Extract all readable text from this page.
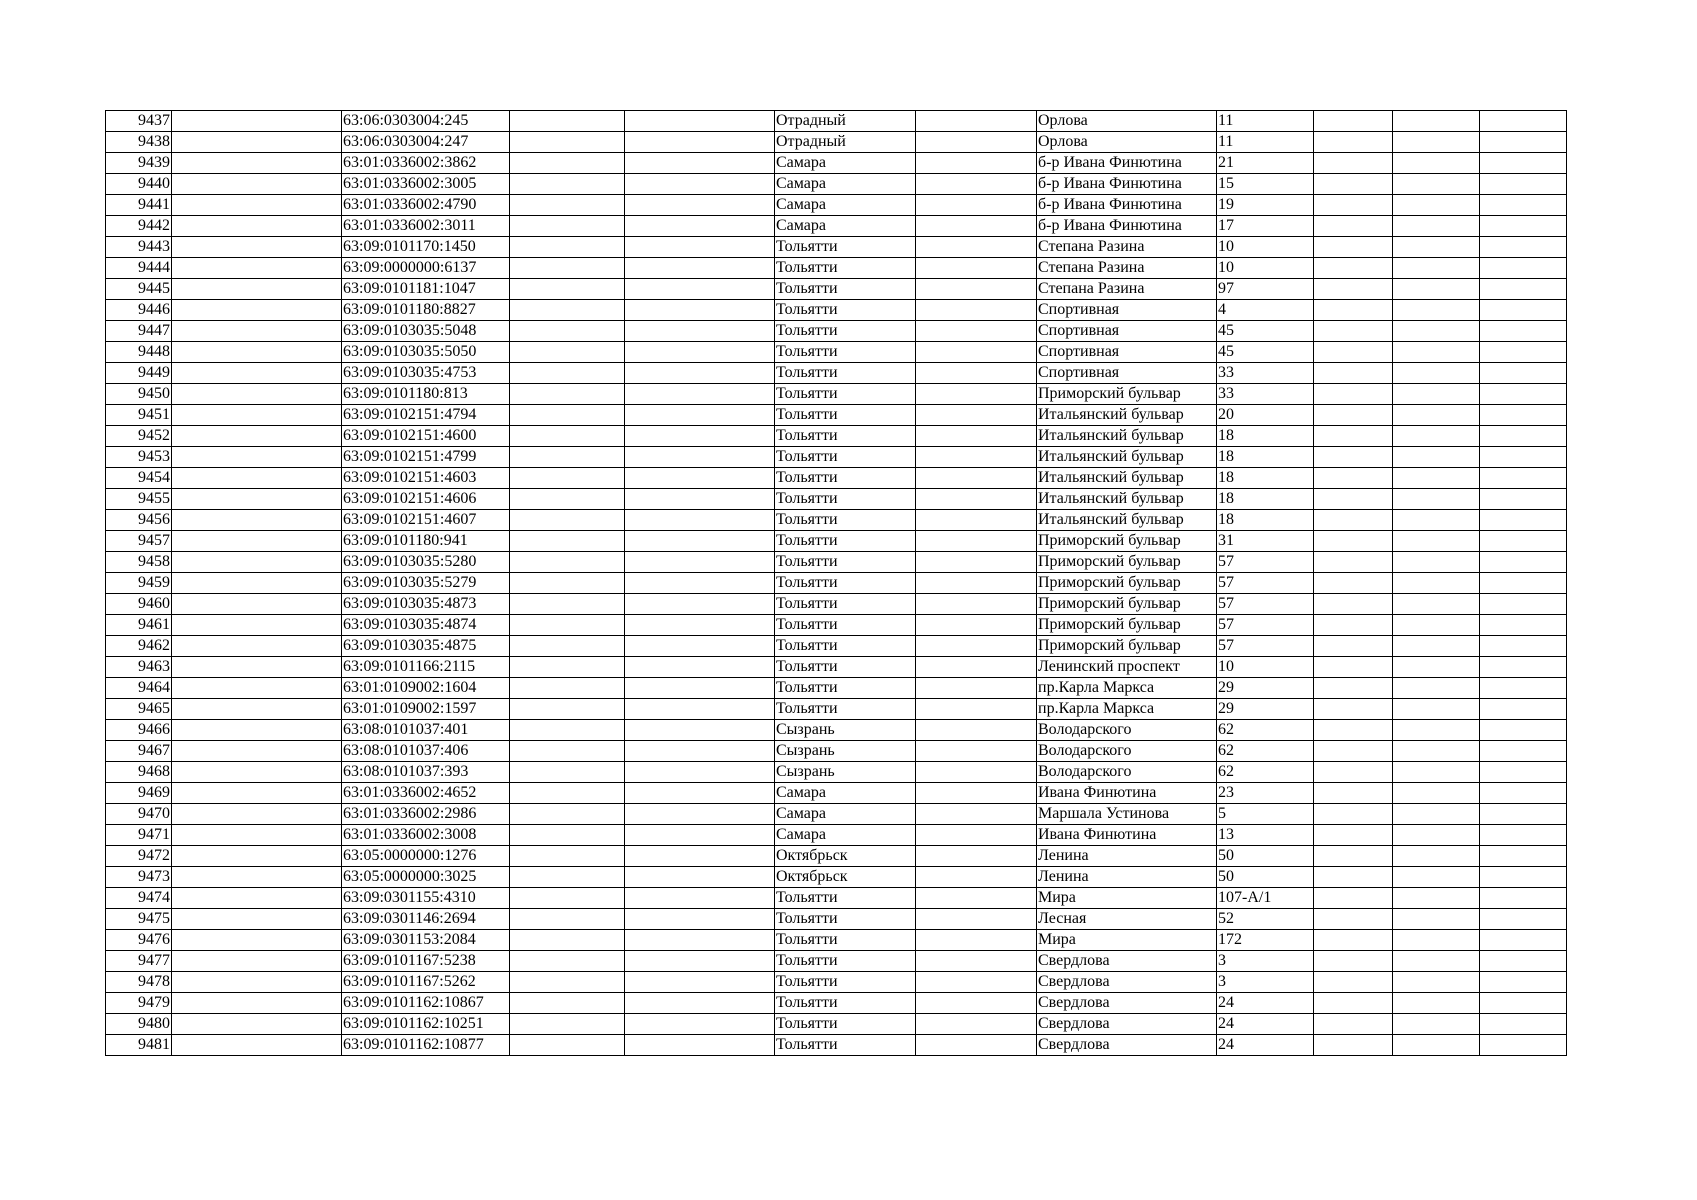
9437		63:06:0303004:245			Отрадный		Орлова	11			
9438		63:06:0303004:247			Отрадный		Орлова	11			
9439		63:01:0336002:3862			Самара		б-р Ивана Финютина	21			
9440		63:01:0336002:3005			Самара		б-р Ивана Финютина	15			
9441		63:01:0336002:4790			Самара		б-р Ивана Финютина	19			
9442		63:01:0336002:3011			Самара		б-р Ивана Финютина	17			
9443		63:09:0101170:1450			Тольятти		Степана Разина	10			
9444		63:09:0000000:6137			Тольятти		Степана Разина	10			
9445		63:09:0101181:1047			Тольятти		Степана Разина	97			
9446		63:09:0101180:8827			Тольятти		Спортивная	4			
9447		63:09:0103035:5048			Тольятти		Спортивная	45			
9448		63:09:0103035:5050			Тольятти		Спортивная	45			
9449		63:09:0103035:4753			Тольятти		Спортивная	33			
9450		63:09:0101180:813			Тольятти		Приморский бульвар	33			
9451		63:09:0102151:4794			Тольятти		Итальянский бульвар	20			
9452		63:09:0102151:4600			Тольятти		Итальянский бульвар	18			
9453		63:09:0102151:4799			Тольятти		Итальянский бульвар	18			
9454		63:09:0102151:4603			Тольятти		Итальянский бульвар	18			
9455		63:09:0102151:4606			Тольятти		Итальянский бульвар	18			
9456		63:09:0102151:4607			Тольятти		Итальянский бульвар	18			
9457		63:09:0101180:941			Тольятти		Приморский бульвар	31			
9458		63:09:0103035:5280			Тольятти		Приморский бульвар	57			
9459		63:09:0103035:5279			Тольятти		Приморский бульвар	57			
9460		63:09:0103035:4873			Тольятти		Приморский бульвар	57			
9461		63:09:0103035:4874			Тольятти		Приморский бульвар	57			
9462		63:09:0103035:4875			Тольятти		Приморский бульвар	57			
9463		63:09:0101166:2115			Тольятти		Ленинский проспект	10			
9464		63:01:0109002:1604			Тольятти		пр.Карла Маркса	29			
9465		63:01:0109002:1597			Тольятти		пр.Карла Маркса	29			
9466		63:08:0101037:401			Сызрань		Володарского	62			
9467		63:08:0101037:406			Сызрань		Володарского	62			
9468		63:08:0101037:393			Сызрань		Володарского	62			
9469		63:01:0336002:4652			Самара		Ивана Финютина	23			
9470		63:01:0336002:2986			Самара		Маршала Устинова	5			
9471		63:01:0336002:3008			Самара		Ивана Финютина	13			
9472		63:05:0000000:1276			Октябрьск		Ленина	50			
9473		63:05:0000000:3025			Октябрьск		Ленина	50			
9474		63:09:0301155:4310			Тольятти		Мира	107-А/1			
9475		63:09:0301146:2694			Тольятти		Лесная	52			
9476		63:09:0301153:2084			Тольятти		Мира	172			
9477		63:09:0101167:5238			Тольятти		Свердлова	3			
9478		63:09:0101167:5262			Тольятти		Свердлова	3			
9479		63:09:0101162:10867			Тольятти		Свердлова	24			
9480		63:09:0101162:10251			Тольятти		Свердлова	24			
9481		63:09:0101162:10877			Тольятти		Свердлова	24			
